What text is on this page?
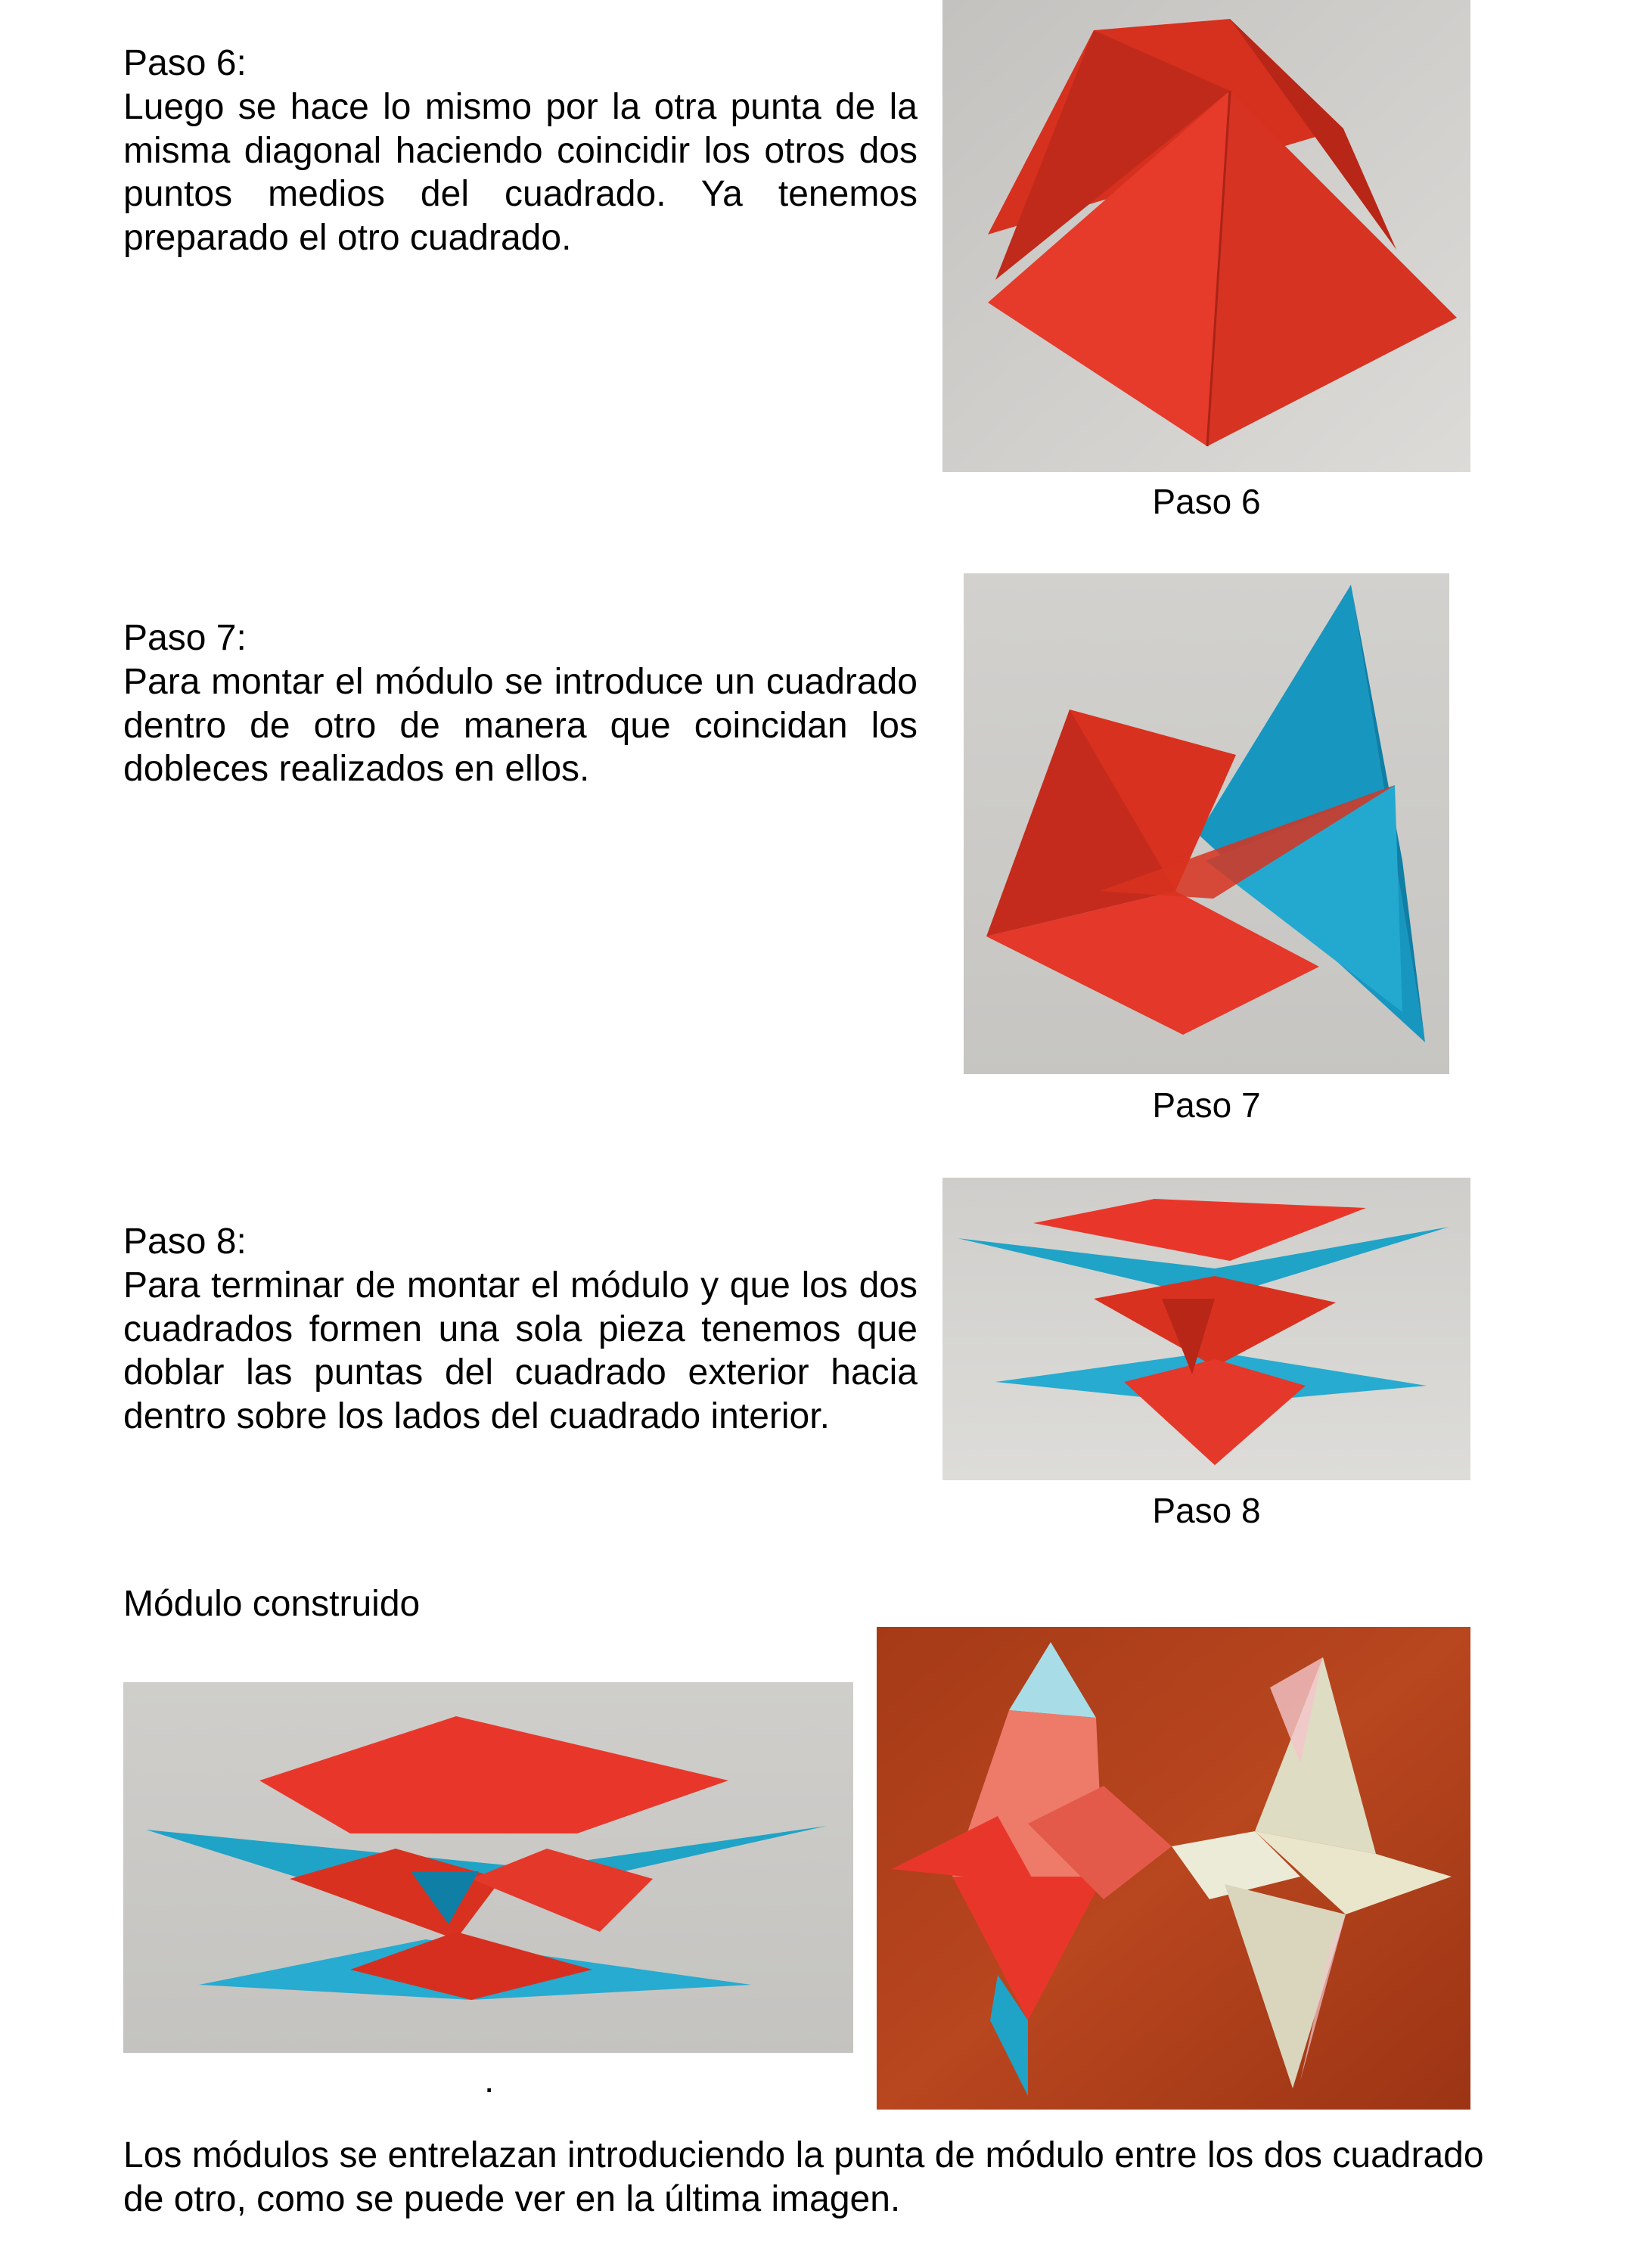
Paso 6:
Luego se hace lo mismo por la otra punta de la misma diagonal haciendo coincidir los otros dos puntos medios del cuadrado. Ya tenemos preparado el otro cuadrado.
Paso 6
Paso 7:
Para montar el módulo se introduce un cuadrado dentro de otro de manera que coincidan los dobleces realizados en ellos.
Paso 7
Paso 8:
Para terminar de montar el módulo y que los dos cuadrados formen una sola pieza tenemos que doblar las puntas del cuadrado exterior hacia dentro sobre los lados del cuadrado interior.
Paso 8
Módulo construido
.
Los módulos se entrelazan introduciendo la punta de módulo entre los dos cuadrado de otro, como se puede ver en la última imagen.
